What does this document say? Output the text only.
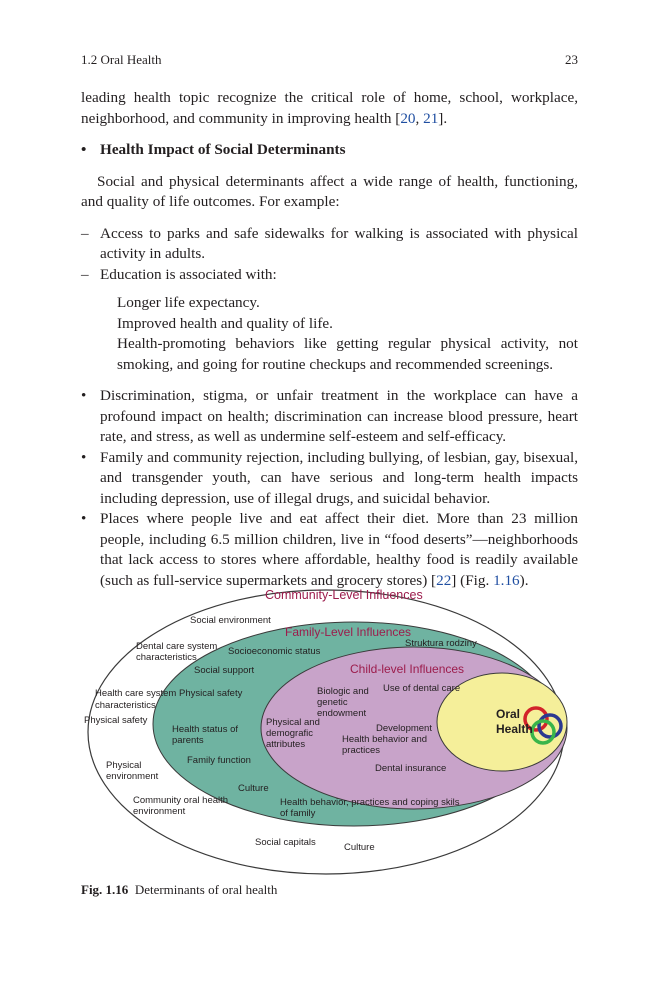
1.2 Oral Health	23

leading health topic recognize the critical role of home, school, workplace, neighborhood, and community in improving health [20, 21].

• Health Impact of Social Determinants

Social and physical determinants affect a wide range of health, functioning, and quality of life outcomes. For example:

– Access to parks and safe sidewalks for walking is associated with physical activity in adults.
– Education is associated with:
Longer life expectancy.
Improved health and quality of life.
Health-promoting behaviors like getting regular physical activity, not smoking, and going for routine checkups and recommended screenings.
• Discrimination, stigma, or unfair treatment in the workplace can have a profound impact on health; discrimination can increase blood pressure, heart rate, and stress, as well as undermine self-esteem and self-efficacy.
• Family and community rejection, including bullying, of lesbian, gay, bisexual, and transgender youth, can have serious and long-term health impacts including depression, use of illegal drugs, and suicidal behavior.
• Places where people live and eat affect their diet. More than 23 million people, including 6.5 million children, live in “food deserts”—neighborhoods that lack access to stores where affordable, healthy food is readily available (such as full-service supermarkets and grocery stores) [22] (Fig. 1.16).
Community-Level Influences
Family-Level Influences
Child-level Influences
Oral
Health
Social environment
Dental care system
characteristics
Socioeconomic status
Struktura rodziny
Social support
Health care system
characteristics
Physical safety
Physical safety
Biologic and
genetic
endowment
Use of dental care
Health status of
parents
Physical and
demografic
attributes
Development
Health behavior and
practices
Family function
Physical
environment
Dental insurance
Culture
Community oral health
environment
Health behavior, practices and coping skils
of family
Social capitals	Culture
Fig. 1.16 Determinants of oral health
